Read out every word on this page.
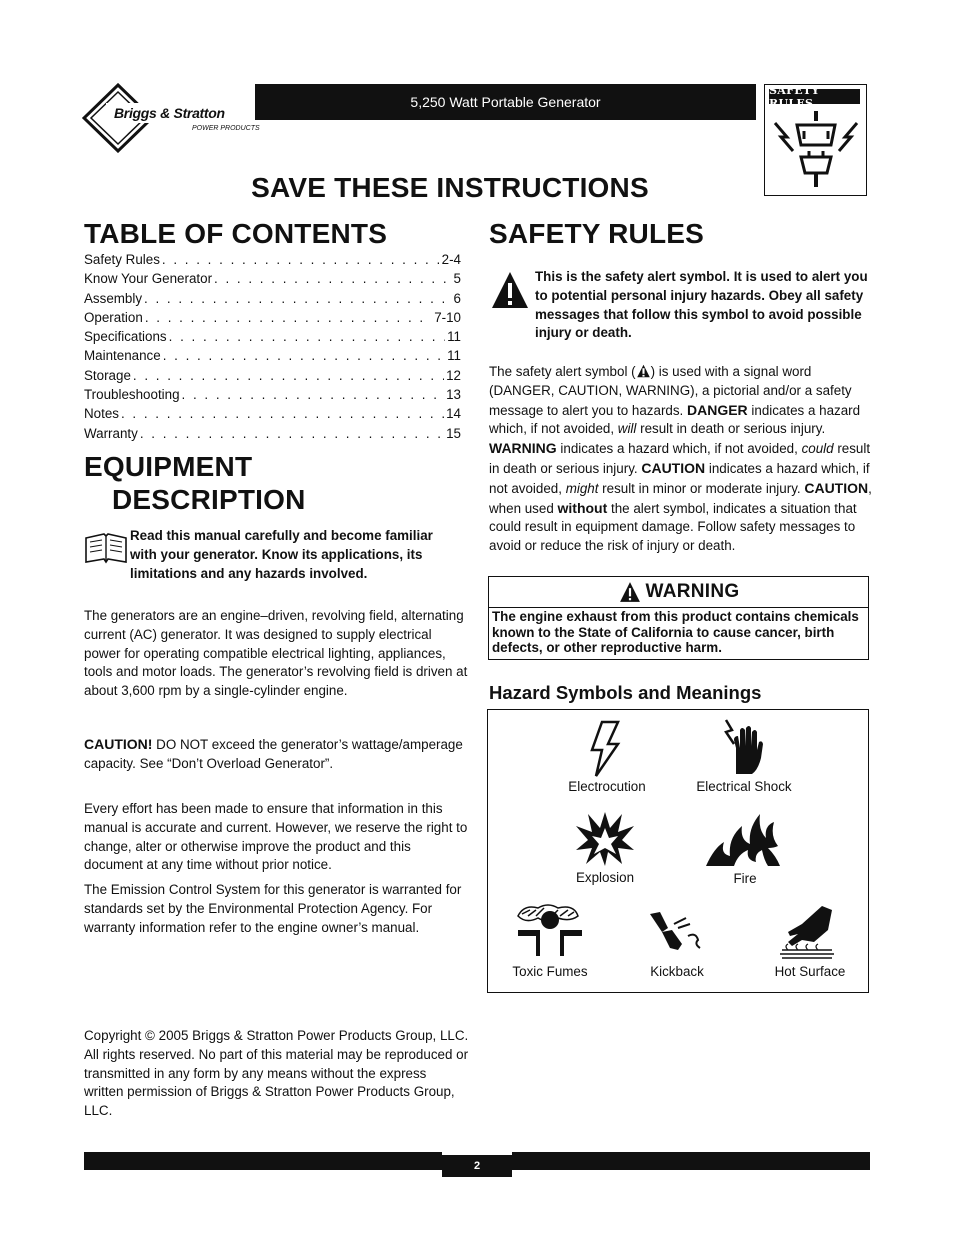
Briggs & Stratton
POWER PRODUCTS
5,250 Watt Portable Generator
SAFETY RULES
SAVE THESE INSTRUCTIONS
TABLE OF CONTENTS
Safety Rules . . .	2-4
Know Your Generator . . .	5
Assembly . . .	6
Operation . . .	7-10
Specifications . . .	11
Maintenance . . .	11
Storage . . .	12
Troubleshooting . . .	13
Notes . . .	14
Warranty . . .	15
EQUIPMENT
DESCRIPTION
Read this manual carefully and become familiar with your generator. Know its applications, its limitations and any hazards involved.
The generators are an engine–driven, revolving field, alternating current (AC) generator. It was designed to supply electrical power for operating compatible electrical lighting, appliances, tools and motor loads. The generator’s revolving field is driven at about 3,600 rpm by a single-cylinder engine.
CAUTION! DO NOT exceed the generator’s wattage/amperage capacity. See “Don’t Overload Generator”.
Every effort has been made to ensure that information in this manual is accurate and current. However, we reserve the right to change, alter or otherwise improve the product and this document at any time without prior notice.
The Emission Control System for this generator is warranted for standards set by the Environmental Protection Agency. For warranty information refer to the engine owner’s manual.
Copyright © 2005 Briggs & Stratton Power Products Group, LLC. All rights reserved. No part of this material may be reproduced or transmitted in any form by any means without the express written permission of Briggs & Stratton Power Products Group, LLC.
SAFETY RULES
This is the safety alert symbol. It is used to alert you to potential personal injury hazards. Obey all safety messages that follow this symbol to avoid possible injury or death.
The safety alert symbol ( ) is used with a signal word (DANGER, CAUTION, WARNING), a pictorial and/or a safety message to alert you to hazards. DANGER indicates a hazard which, if not avoided, will result in death or serious injury. WARNING indicates a hazard which, if not avoided, could result in death or serious injury. CAUTION indicates a hazard which, if not avoided, might result in minor or moderate injury. CAUTION, when used without the alert symbol, indicates a situation that could result in equipment damage. Follow safety messages to avoid or reduce the risk of injury or death.
WARNING
The engine exhaust from this product contains chemicals known to the State of California to cause cancer, birth defects, or other reproductive harm.
Hazard Symbols and Meanings
Electrocution	Electrical Shock
Explosion	Fire
Toxic Fumes	Kickback	Hot Surface
2
